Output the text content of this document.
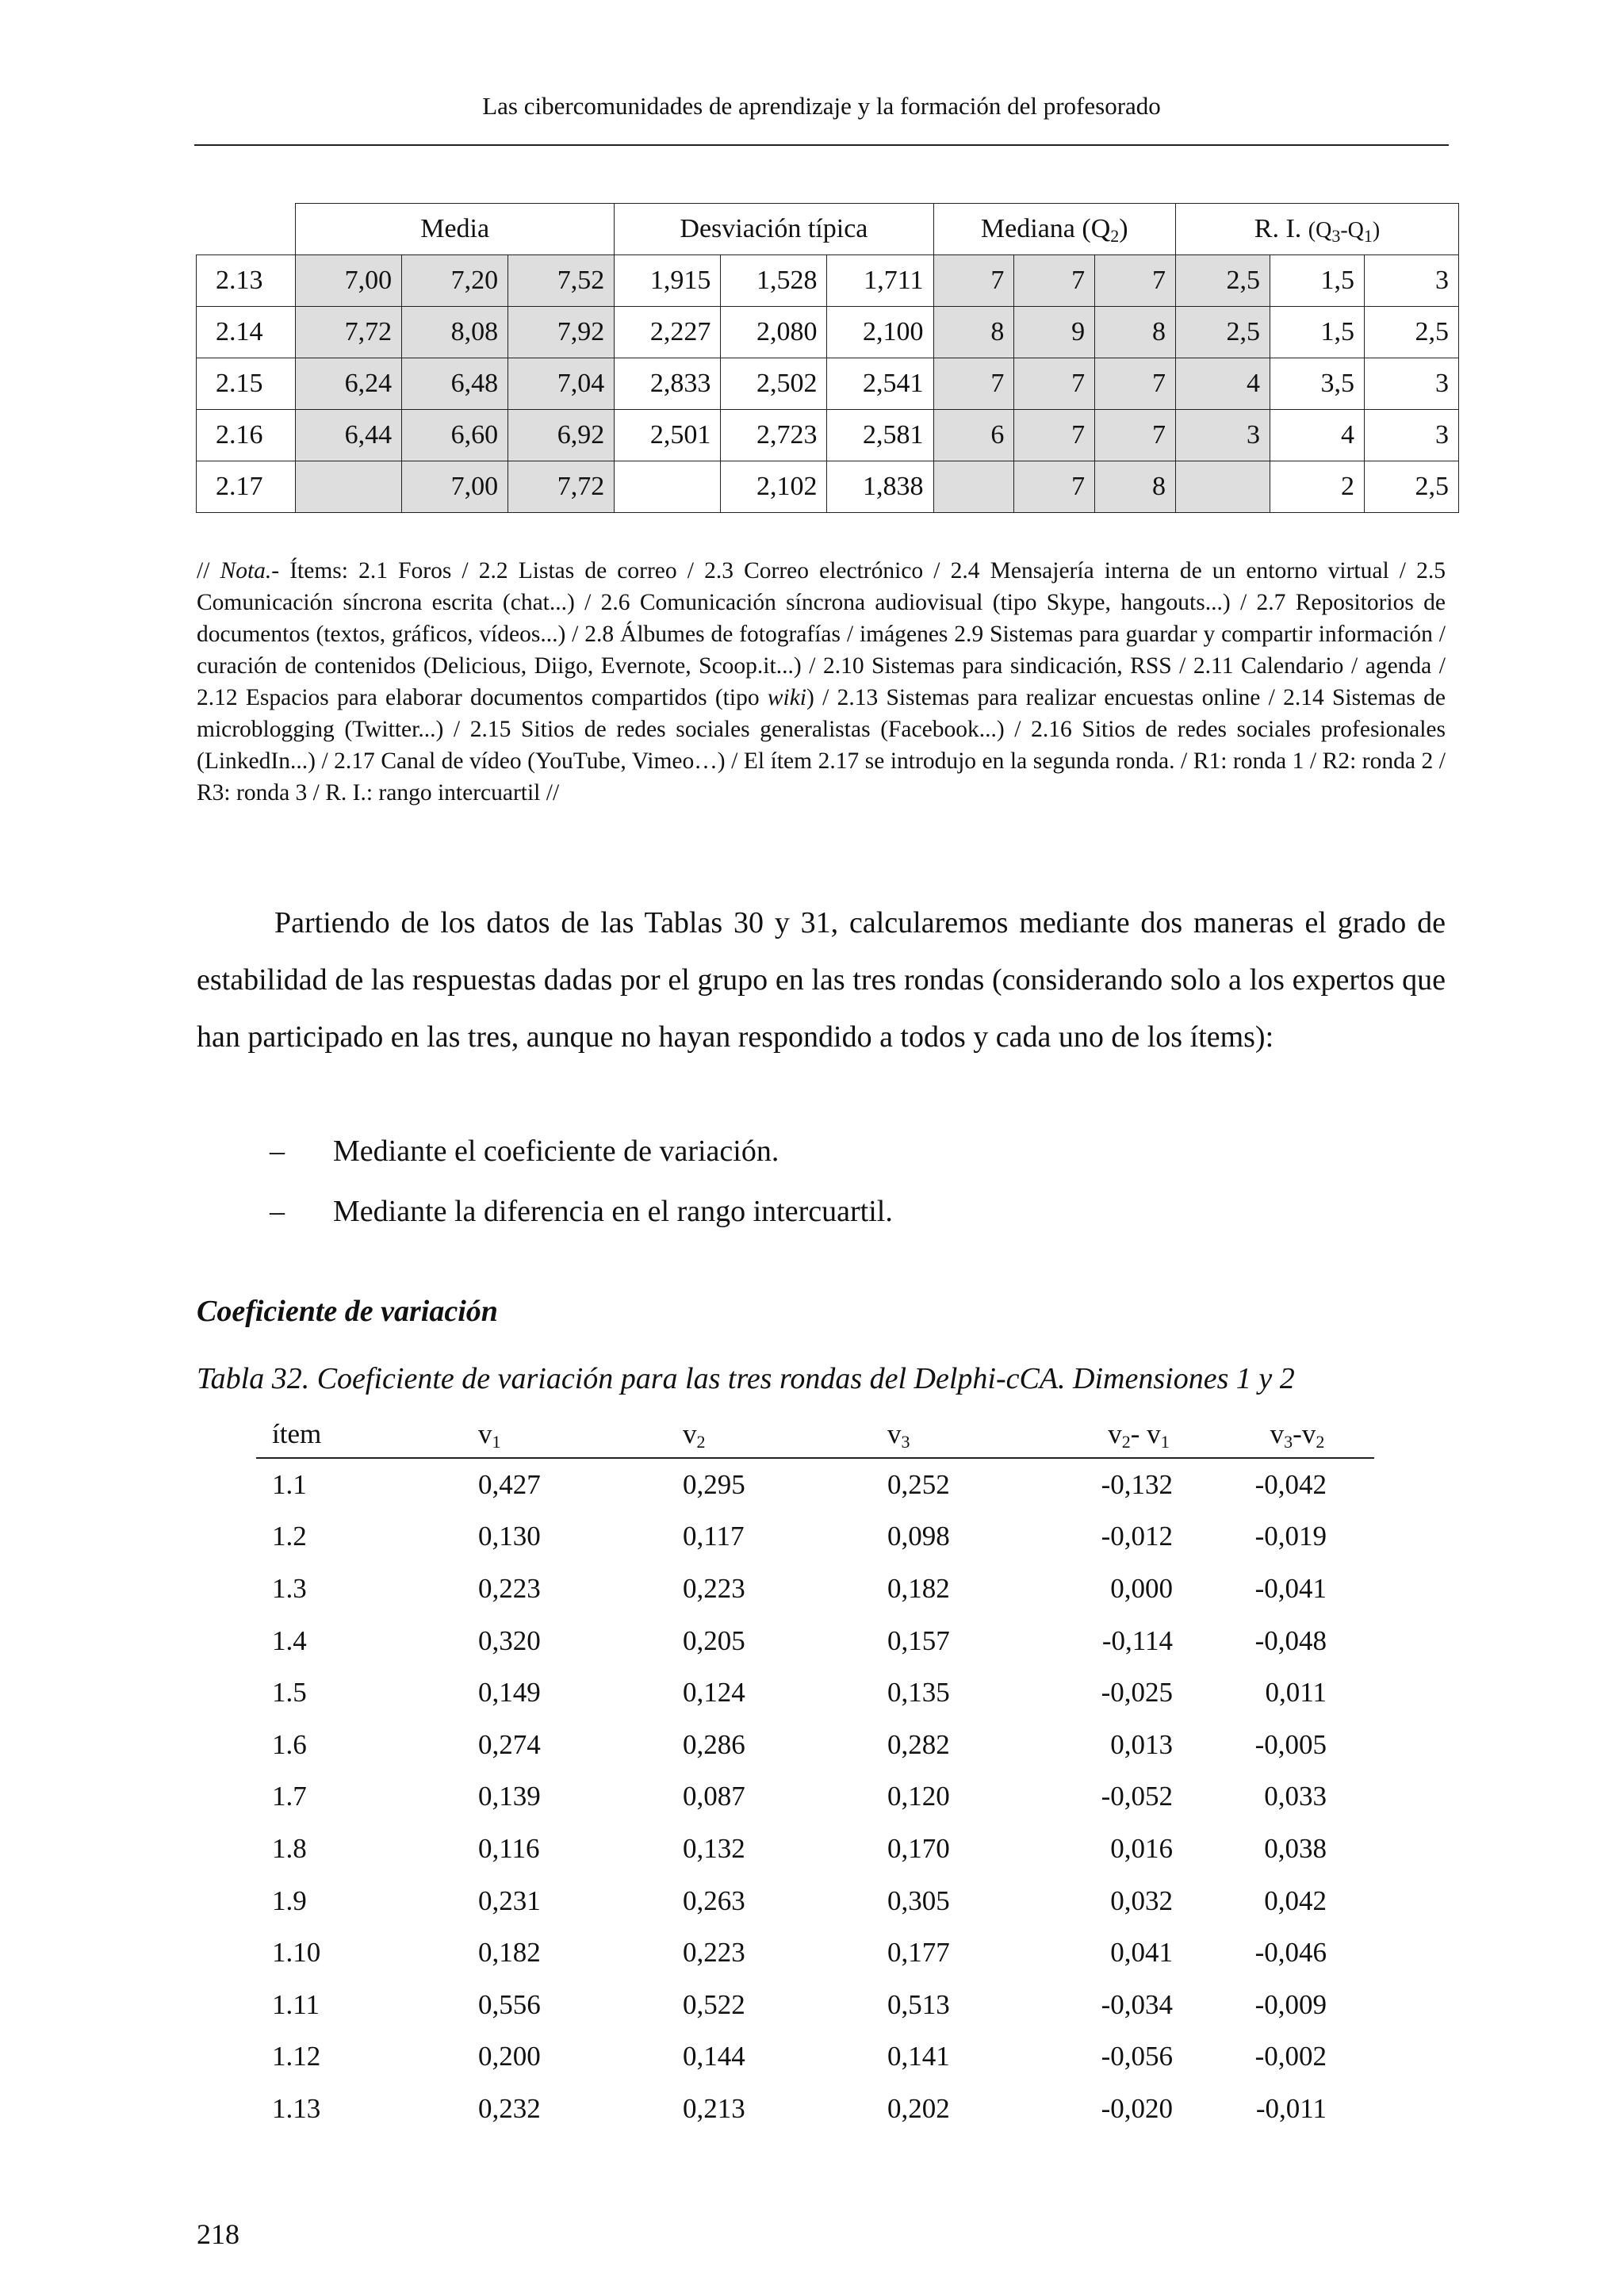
Las cibercomunidades de aprendizaje y la formación del profesorado
	Media			Desviación típica			Mediana (Q2)			R. I. (Q3-Q1)		
2.13	7,00	7,20	7,52	1,915	1,528	1,711	7	7	7	2,5	1,5	3
2.14	7,72	8,08	7,92	2,227	2,080	2,100	8	9	8	2,5	1,5	2,5
2.15	6,24	6,48	7,04	2,833	2,502	2,541	7	7	7	4	3,5	3
2.16	6,44	6,60	6,92	2,501	2,723	2,581	6	7	7	3	4	3
2.17		7,00	7,72		2,102	1,838		7	8		2	2,5

// Nota.- Ítems: 2.1 Foros / 2.2 Listas de correo / 2.3 Correo electrónico / 2.4 Mensajería interna de un entorno virtual / 2.5 Comunicación síncrona escrita (chat...) / 2.6 Comunicación síncrona audiovisual (tipo Skype, hangouts...) / 2.7 Repositorios de documentos (textos, gráficos, vídeos...) / 2.8 Álbumes de fotografías / imágenes 2.9 Sistemas para guardar y compartir información / curación de contenidos (Delicious, Diigo, Evernote, Scoop.it...) / 2.10 Sistemas para sindicación, RSS / 2.11 Calendario / agenda / 2.12 Espacios para elaborar documentos compartidos (tipo wiki) / 2.13 Sistemas para realizar encuestas online / 2.14 Sistemas de microblogging (Twitter...) / 2.15 Sitios de redes sociales generalistas (Facebook...) / 2.16 Sitios de redes sociales profesionales (LinkedIn...) / 2.17 Canal de vídeo (YouTube, Vimeo…) / El ítem 2.17 se introdujo en la segunda ronda. / R1: ronda 1 / R2: ronda 2 / R3: ronda 3 / R. I.: rango intercuartil //

Partiendo de los datos de las Tablas 30 y 31, calcularemos mediante dos maneras el grado de estabilidad de las respuestas dadas por el grupo en las tres rondas (considerando solo a los expertos que han participado en las tres, aunque no hayan respondido a todos y cada uno de los ítems):

– Mediante el coeficiente de variación.
– Mediante la diferencia en el rango intercuartil.
Coeficiente de variación

Tabla 32. Coeficiente de variación para las tres rondas del Delphi-cCA. Dimensiones 1 y 2

ítem	v1	v2	v3	v2- v1	v3-v2
1.1	0,427	0,295	0,252	-0,132	-0,042
1.2	0,130	0,117	0,098	-0,012	-0,019
1.3	0,223	0,223	0,182	0,000	-0,041
1.4	0,320	0,205	0,157	-0,114	-0,048
1.5	0,149	0,124	0,135	-0,025	0,011
1.6	0,274	0,286	0,282	0,013	-0,005
1.7	0,139	0,087	0,120	-0,052	0,033
1.8	0,116	0,132	0,170	0,016	0,038
1.9	0,231	0,263	0,305	0,032	0,042
1.10	0,182	0,223	0,177	0,041	-0,046
1.11	0,556	0,522	0,513	-0,034	-0,009
1.12	0,200	0,144	0,141	-0,056	-0,002
1.13	0,232	0,213	0,202	-0,020	-0,011
218
